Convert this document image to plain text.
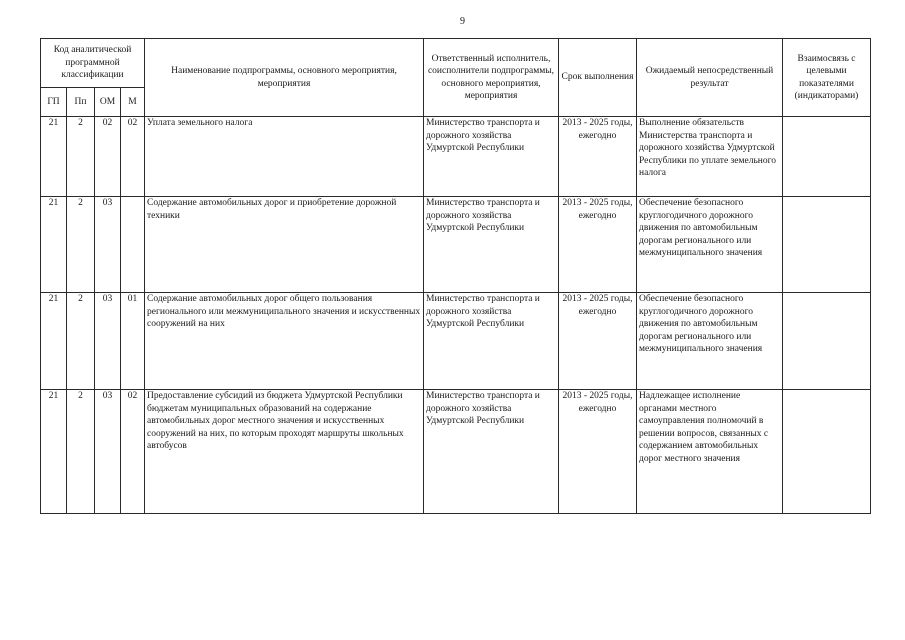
9
Код аналитической программной классификации				Наименование подпрограммы, основного мероприятия, мероприятия	Ответственный исполнитель, соисполнители подпрограммы, основного мероприятия, мероприятия	Срок выполнения	Ожидаемый непосредственный результат	Взаимосвязь с целевыми показателями (индикаторами)
ГП	Пп	ОМ	М					
21	2	02	02	Уплата земельного налога	Министерство транспорта и дорожного хозяйства Удмуртской Республики	2013 - 2025 годы, ежегодно	Выполнение обязательств Министерства транспорта и дорожного хозяйства Удмуртской Республики по уплате земельного налога	
21	2	03		Содержание автомобильных дорог и приобретение дорожной техники	Министерство транспорта и дорожного хозяйства Удмуртской Республики	2013 - 2025 годы, ежегодно	Обеспечение безопасного круглогодичного дорожного движения по автомобильным дорогам регионального или межмуниципального значения	
21	2	03	01	Содержание автомобильных дорог общего пользования регионального или межмуниципального значения и искусственных сооружений на них	Министерство транспорта и дорожного хозяйства Удмуртской Республики	2013 - 2025 годы, ежегодно	Обеспечение безопасного круглогодичного дорожного движения по автомобильным дорогам регионального или межмуниципального значения	
21	2	03	02	Предоставление субсидий из бюджета Удмуртской Республики бюджетам муниципальных образований на содержание автомобильных дорог местного значения и искусственных сооружений на них, по которым проходят маршруты школьных автобусов	Министерство транспорта и дорожного хозяйства Удмуртской Республики	2013 - 2025 годы, ежегодно	Надлежащее исполнение органами местного самоуправления полномочий в решении вопросов, связанных с содержанием автомобильных дорог местного значения	
